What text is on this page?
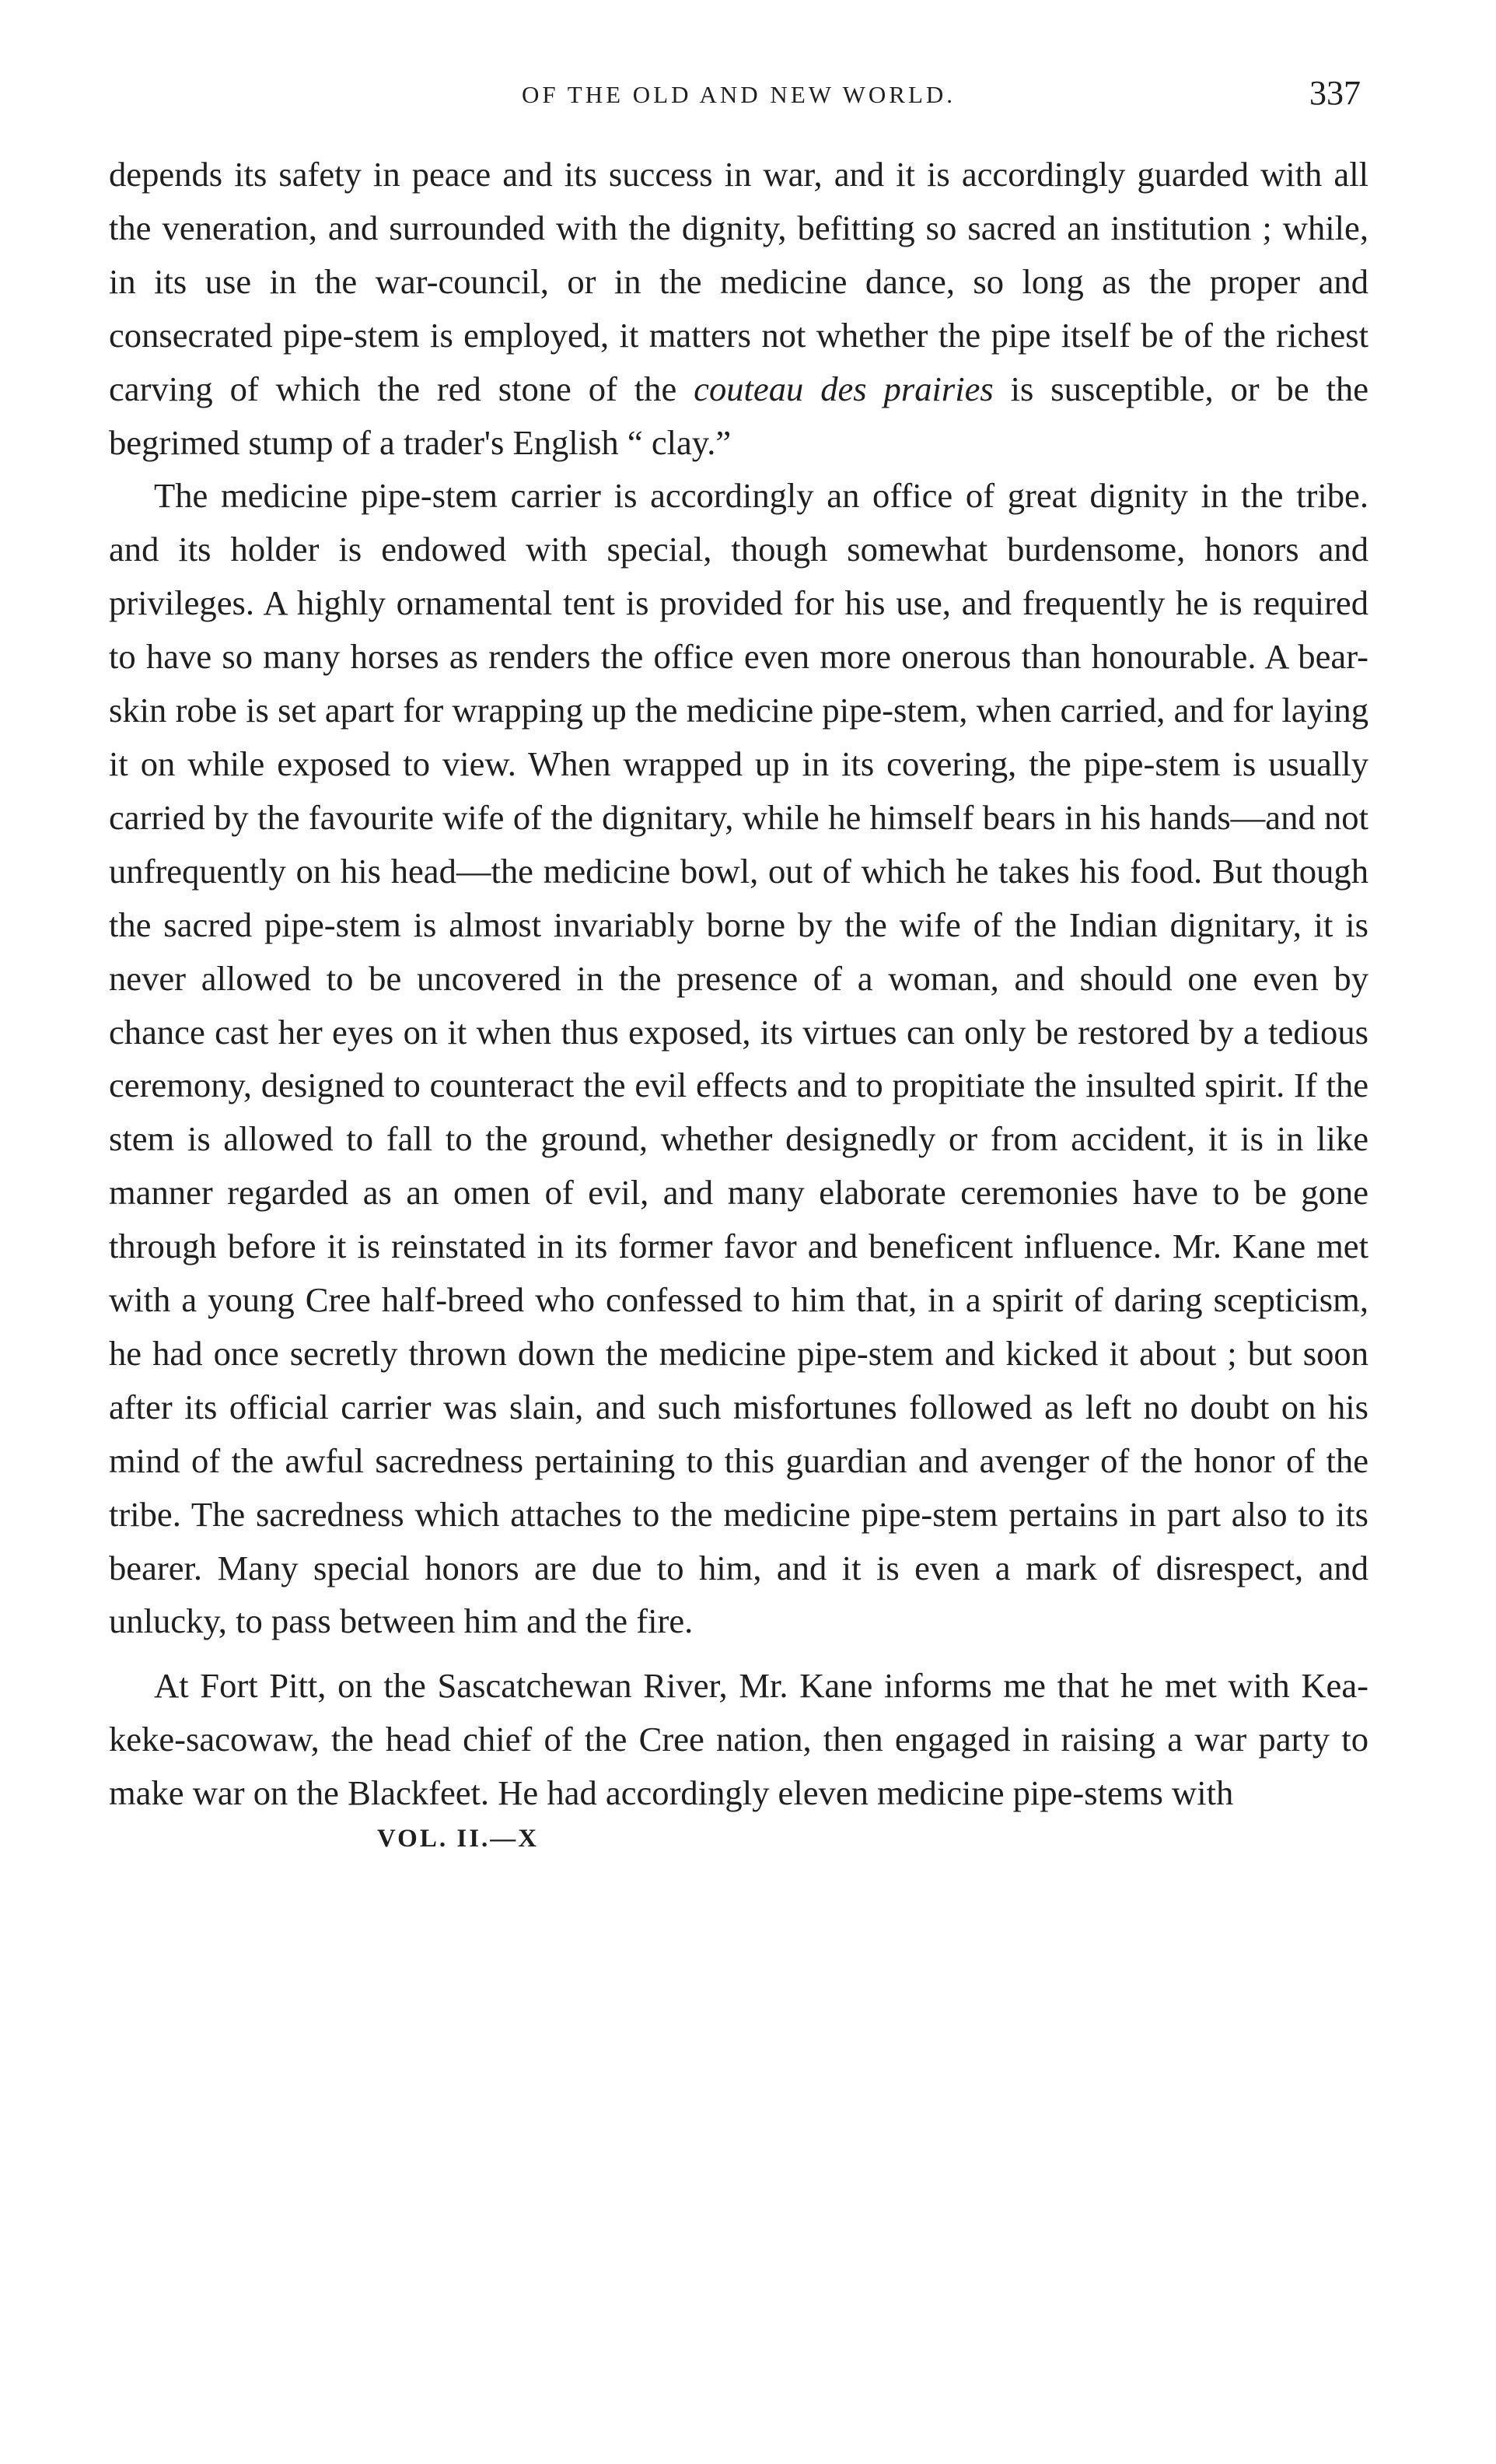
OF THE OLD AND NEW WORLD.	337

depends its safety in peace and its success in war, and it is accordingly guarded with all the veneration, and surrounded with the dignity, befitting so sacred an institution ; while, in its use in the war-council, or in the medicine dance, so long as the proper and consecrated pipe-stem is employed, it matters not whether the pipe itself be of the richest carving of which the red stone of the couteau des prairies is susceptible, or be the begrimed stump of a trader's English “ clay.”

The medicine pipe-stem carrier is accordingly an office of great dignity in the tribe. and its holder is endowed with special, though somewhat burdensome, honors and privileges. A highly ornamental tent is provided for his use, and frequently he is required to have so many horses as renders the office even more onerous than honourable. A bear-skin robe is set apart for wrapping up the medicine pipe-stem, when carried, and for laying it on while exposed to view. When wrapped up in its covering, the pipe-stem is usually carried by the favourite wife of the dignitary, while he himself bears in his hands—and not unfrequently on his head—the medicine bowl, out of which he takes his food. But though the sacred pipe-stem is almost invariably borne by the wife of the Indian dignitary, it is never allowed to be uncovered in the presence of a woman, and should one even by chance cast her eyes on it when thus exposed, its virtues can only be restored by a tedious ceremony, designed to counteract the evil effects and to propitiate the insulted spirit. If the stem is allowed to fall to the ground, whether designedly or from accident, it is in like manner regarded as an omen of evil, and many elaborate ceremonies have to be gone through before it is reinstated in its former favor and beneficent influence. Mr. Kane met with a young Cree half-breed who confessed to him that, in a spirit of daring scepticism, he had once secretly thrown down the medicine pipe-stem and kicked it about ; but soon after its official carrier was slain, and such misfortunes followed as left no doubt on his mind of the awful sacredness pertaining to this guardian and avenger of the honor of the tribe. The sacredness which attaches to the medicine pipe-stem pertains in part also to its bearer. Many special honors are due to him, and it is even a mark of disrespect, and unlucky, to pass between him and the fire.

At Fort Pitt, on the Sascatchewan River, Mr. Kane informs me that he met with Kea-keke-sacowaw, the head chief of the Cree nation, then engaged in raising a war party to make war on the Blackfeet. He had accordingly eleven medicine pipe-stems with

VOL. II.—X
